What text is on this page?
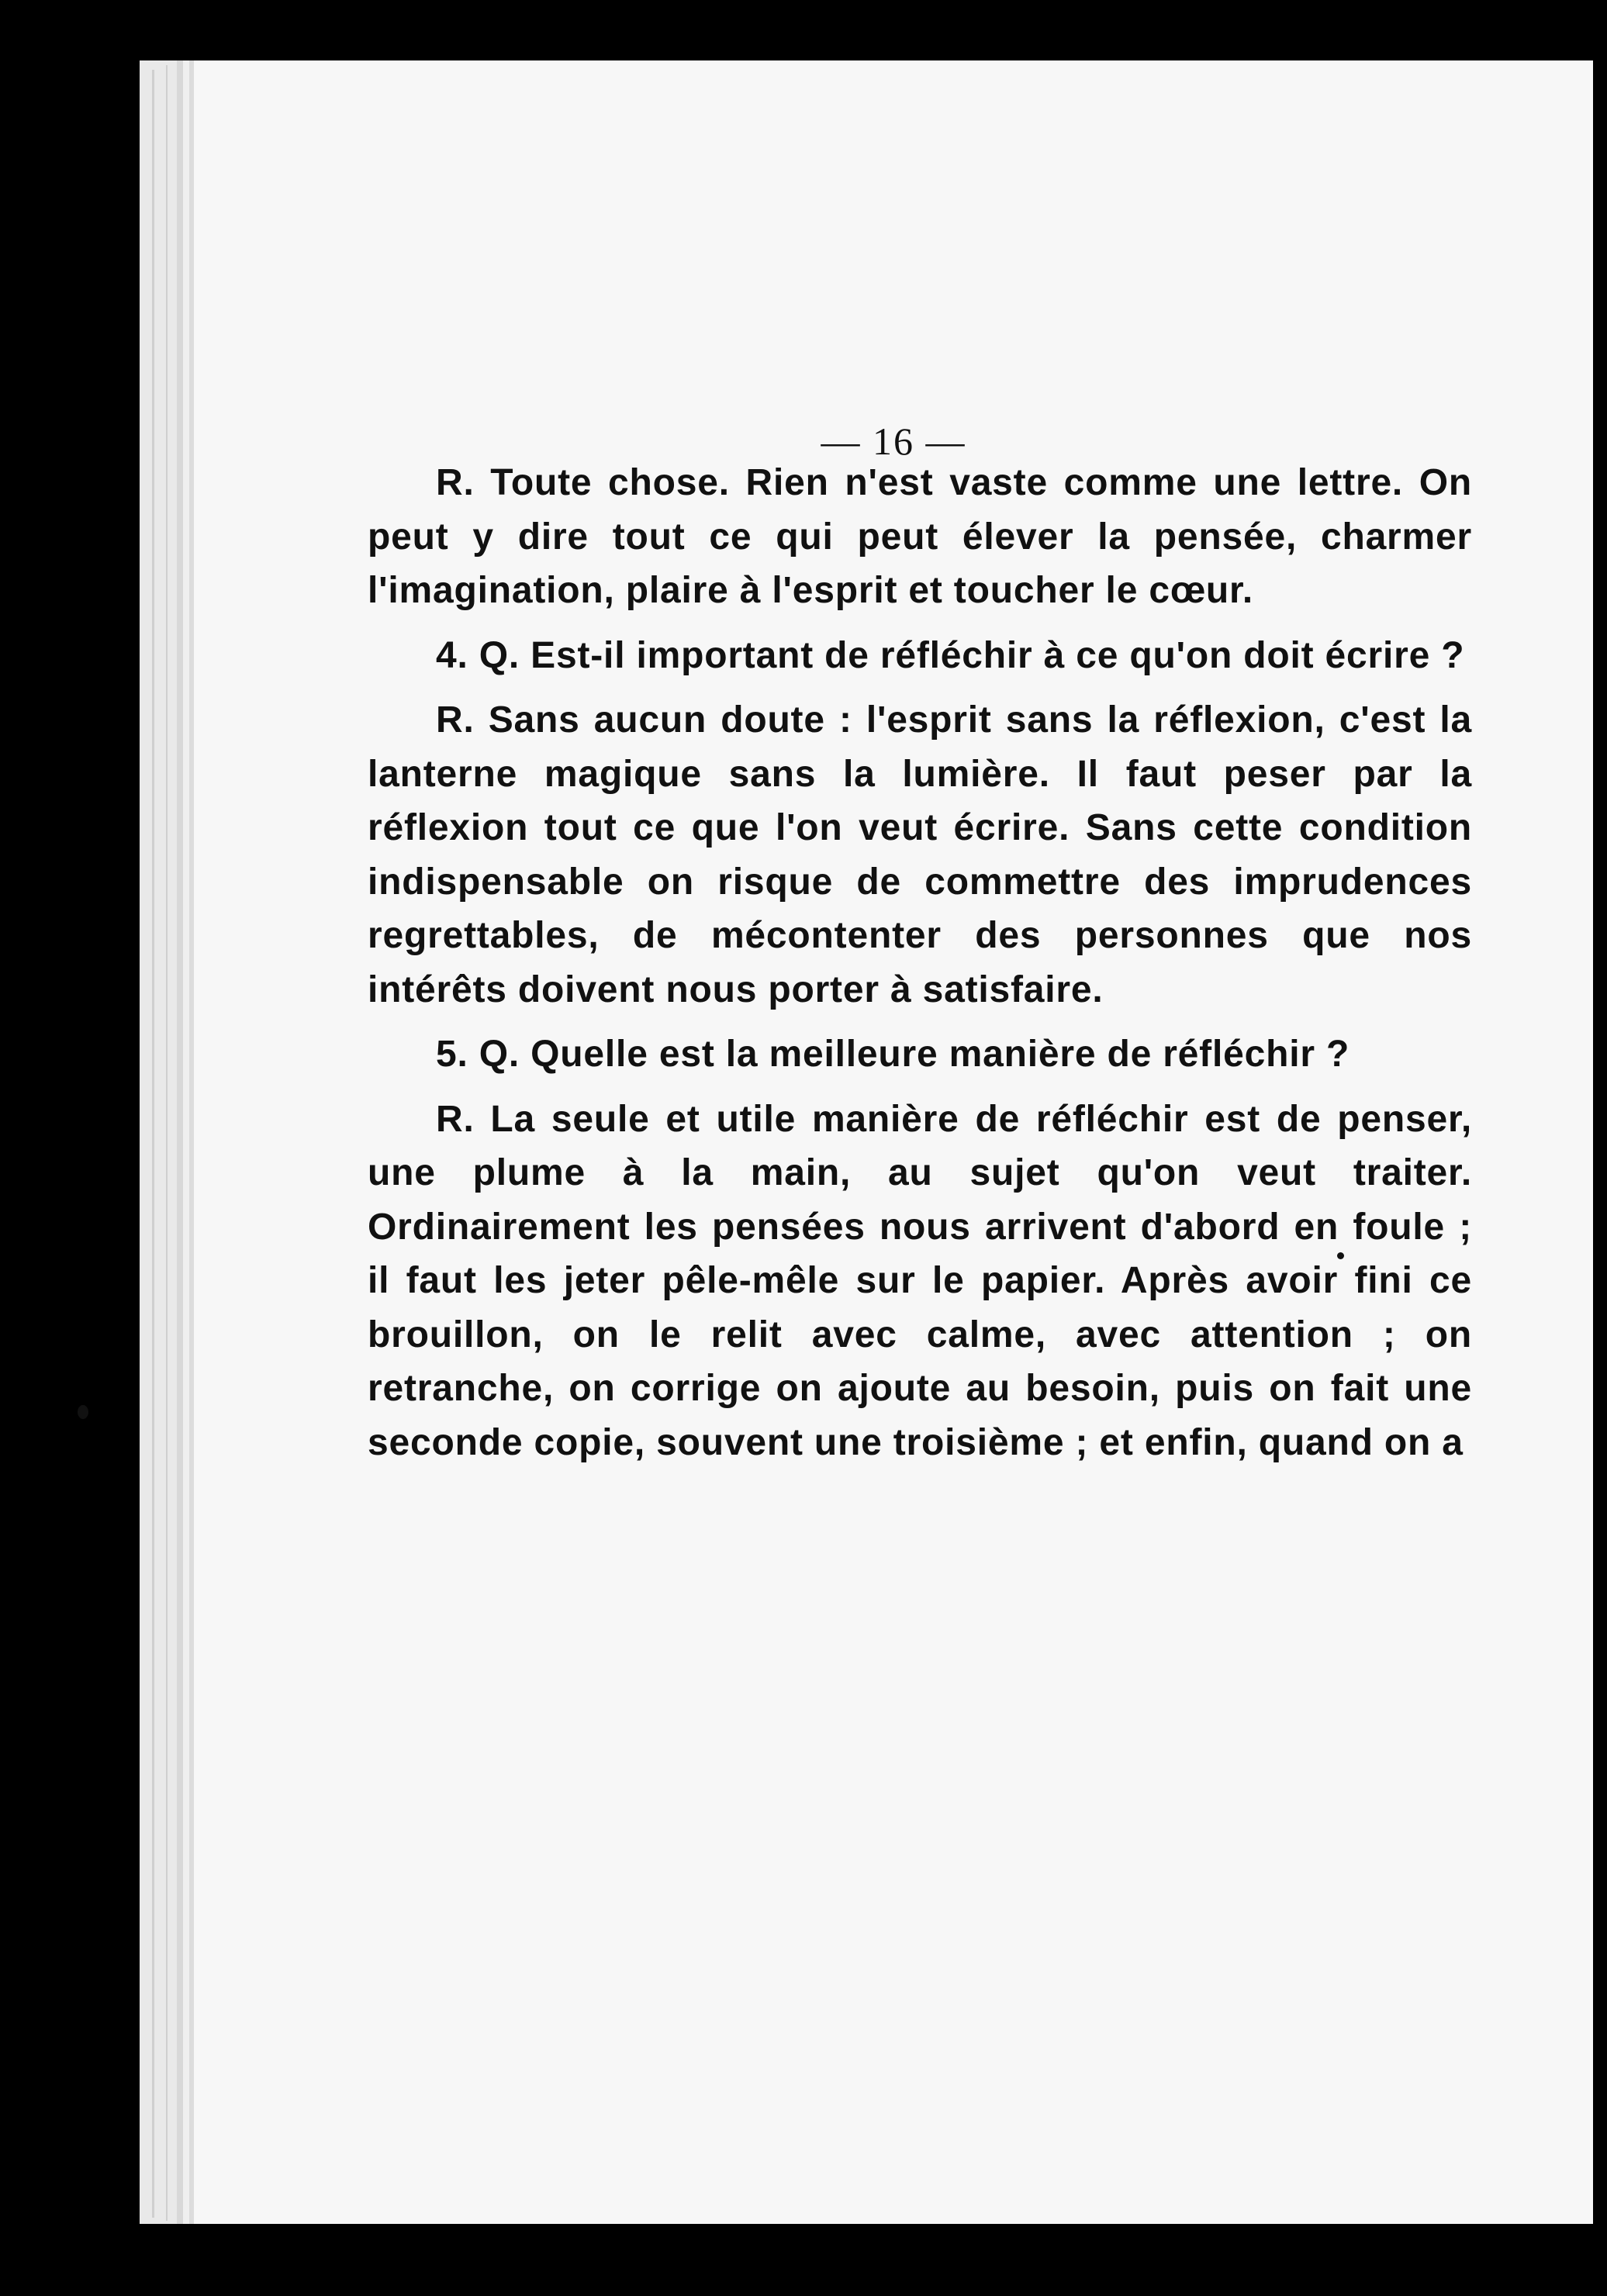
— 16 —

R. Toute chose. Rien n'est vaste comme une lettre. On peut y dire tout ce qui peut élever la pensée, charmer l'imagination, plaire à l'esprit et toucher le cœur.

4. Q. Est-il important de réfléchir à ce qu'on doit écrire ?

R. Sans aucun doute : l'esprit sans la réflexion, c'est la lanterne magique sans la lumière. Il faut peser par la réflexion tout ce que l'on veut écrire. Sans cette condition indispensable on risque de commettre des imprudences regrettables, de mécontenter des personnes que nos intérêts doivent nous porter à satisfaire.

5. Q. Quelle est la meilleure manière de réfléchir ?

R. La seule et utile manière de réfléchir est de penser, une plume à la main, au sujet qu'on veut traiter. Ordinairement les pensées nous arrivent d'abord en foule ; il faut les jeter pêle-mêle sur le papier. Après avoir fini ce brouillon, on le relit avec calme, avec attention ; on retranche, on corrige on ajoute au besoin, puis on fait une seconde copie, souvent une troisième ; et enfin, quand on a
